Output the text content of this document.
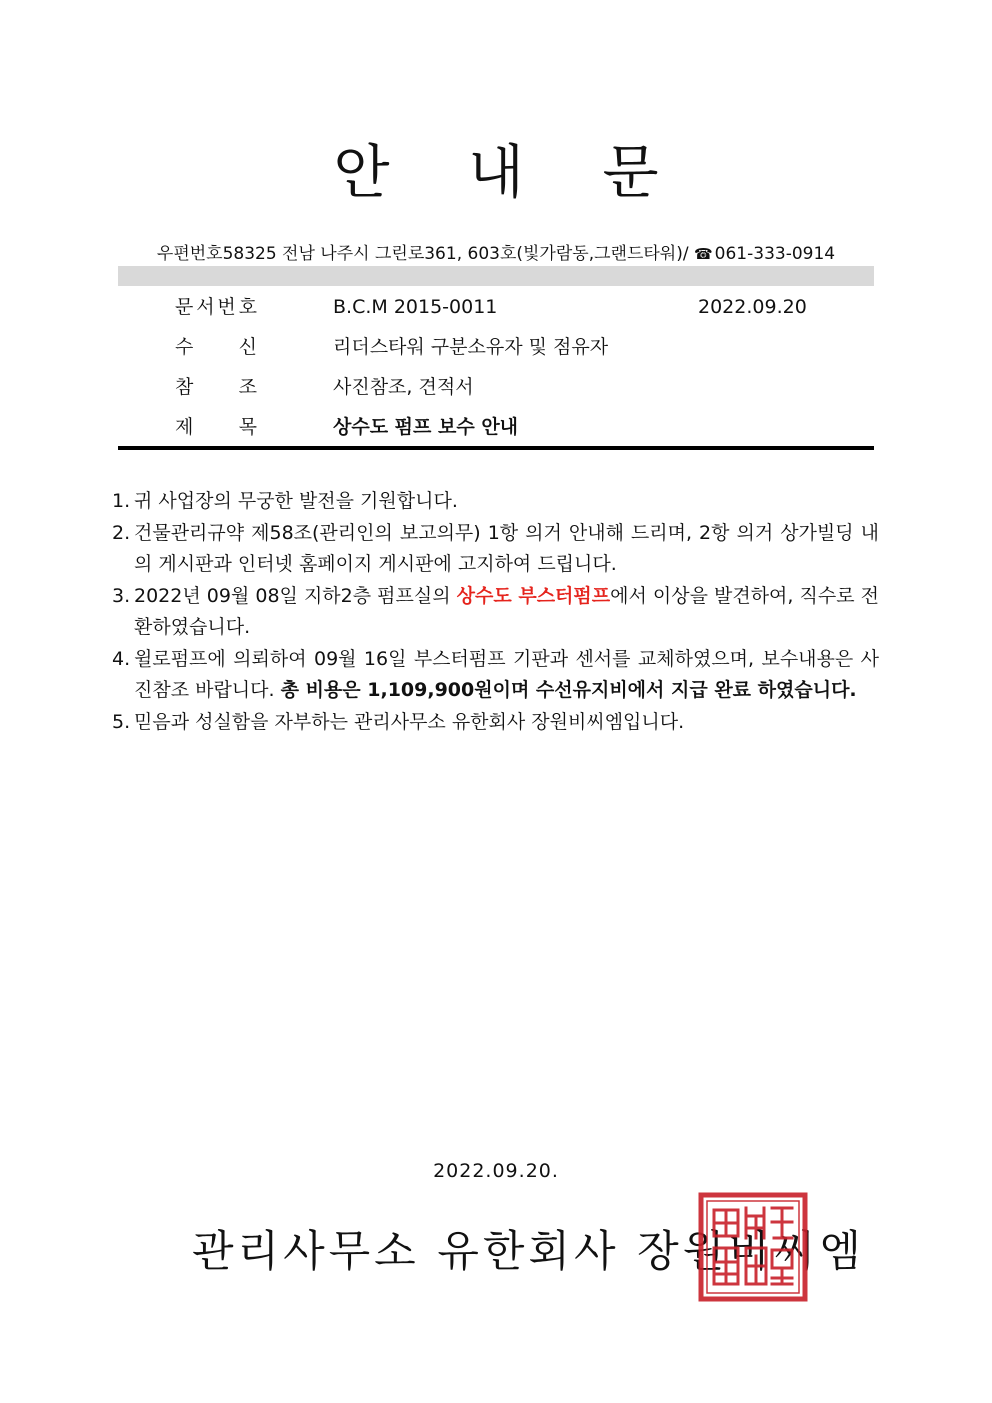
안 내 문
우편번호58325 전남 나주시 그린로361, 603호(빛가람동,그랜드타워)/ ☎ 061-333-0914
문 서 번 호	B.C.M 2015-0011	2022.09.20
수 신	리더스타워 구분소유자 및 점유자
참 조	사진참조, 견적서
제 목	상수도 펌프 보수 안내
1. 귀 사업장의 무궁한 발전을 기원합니다.
2. 건물관리규약 제58조(관리인의 보고의무) 1항 의거 안내해 드리며, 2항 의거 상가빌딩 내의 게시판과 인터넷 홈페이지 게시판에 고지하여 드립니다.
3. 2022년 09월 08일 지하2층 펌프실의 상수도 부스터펌프에서 이상을 발견하여, 직수로 전환하였습니다.
4. 윌로펌프에 의뢰하여 09월 16일 부스터펌프 기판과 센서를 교체하였으며, 보수내용은 사진참조 바랍니다. 총 비용은 1,109,900원이며 수선유지비에서 지급 완료 하였습니다.
5. 믿음과 성실함을 자부하는 관리사무소 유한회사 장원비씨엠입니다.
2022.09.20.
관리사무소 유한회사 장원비씨엠
